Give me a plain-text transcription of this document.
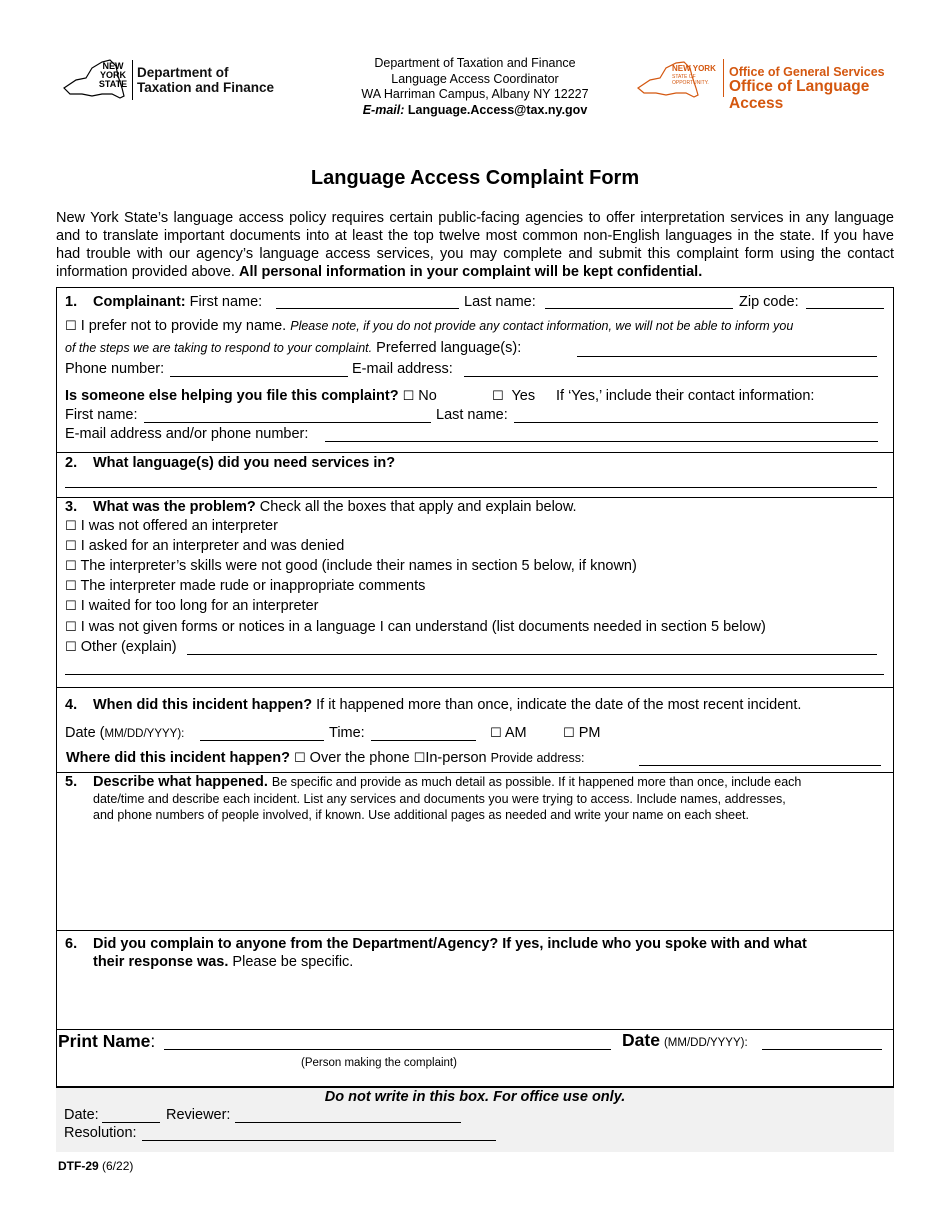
NEW
YORK
STATE
Department of
Taxation and Finance
Department of Taxation and Finance
Language Access Coordinator
WA Harriman Campus, Albany NY 12227
E-mail: Language.Access@tax.ny.gov
NEW YORK
STATE OF
OPPORTUNITY.
Office of General Services
Office of Language Access
Language Access Complaint Form
New York State’s language access policy requires certain public-facing agencies to offer interpretation services in any language and to translate important documents into at least the top twelve most common non-English languages in the state. If you have had trouble with our agency’s language access services, you may complete and submit this complaint form using the contact information provided above. All personal information in your complaint will be kept confidential.
1. Complainant: First name:	Last name:	Zip code:
☐ I prefer not to provide my name. Please note, if you do not provide any contact information, we will not be able to inform you
of the steps we are taking to respond to your complaint. Preferred language(s):
Phone number:	E-mail address:
Is someone else helping you file this complaint? ☐ No	☐ Yes If ‘Yes,’ include their contact information:
First name:	Last name:
E-mail address and/or phone number:
2. What language(s) did you need services in?
3. What was the problem? Check all the boxes that apply and explain below.
☐ I was not offered an interpreter
☐ I asked for an interpreter and was denied
☐ The interpreter’s skills were not good (include their names in section 5 below, if known)
☐ The interpreter made rude or inappropriate comments
☐ I waited for too long for an interpreter
☐ I was not given forms or notices in a language I can understand (list documents needed in section 5 below)
☐ Other (explain)
4. When did this incident happen? If it happened more than once, indicate the date of the most recent incident.
Date (MM/DD/YYYY):	Time:	☐ AM	☐ PM
Where did this incident happen? ☐ Over the phone ☐In-person Provide address:
5. Describe what happened. Be specific and provide as much detail as possible. If it happened more than once, include each
date/time and describe each incident. List any services and documents you were trying to access. Include names, addresses,
and phone numbers of people involved, if known. Use additional pages as needed and write your name on each sheet.
6. Did you complain to anyone from the Department/Agency? If yes, include who you spoke with and what
their response was. Please be specific.
Print Name:
(Person making the complaint)
Date (MM/DD/YYYY):
Do not write in this box. For office use only.
Date:	Reviewer:
Resolution:
DTF-29 (6/22)
